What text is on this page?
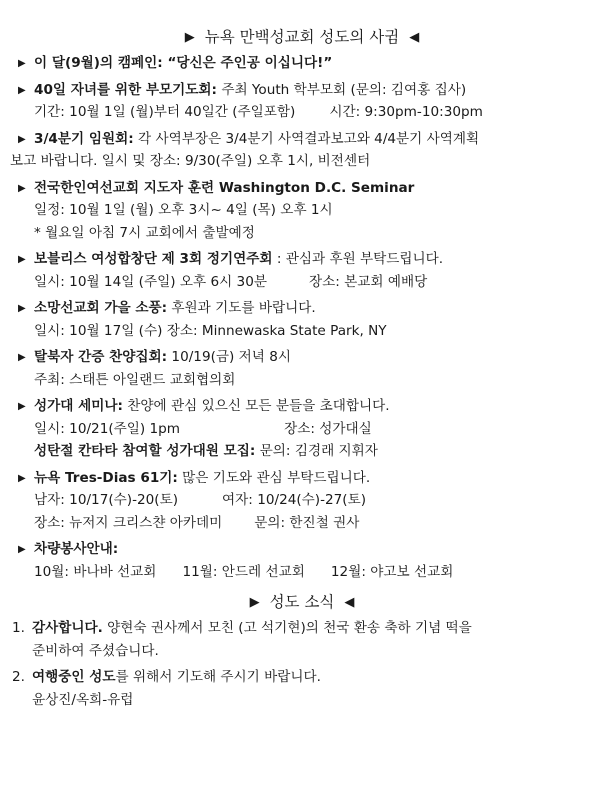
▶ 뉴욕 만백성교회 성도의 사귐 ◀
▶ 이 달(9월)의 캠페인: “당신은 주인공 이십니다!”
▶ 40일 자녀를 위한 부모기도회: 주최 Youth 학부모회 (문의: 김여홍 집사)
기간: 10월 1일 (월)부터 40일간 (주일포함)	시간: 9:30pm-10:30pm
▶ 3/4분기 임원회: 각 사역부장은 3/4분기 사역결과보고와 4/4분기 사역계획
보고 바랍니다. 일시 및 장소: 9/30(주일) 오후 1시, 비전센터
▶ 전국한인여선교회 지도자 훈련 Washington D.C. Seminar
일정: 10월 1일 (월) 오후 3시~ 4일 (목) 오후 1시
* 월요일 아침 7시 교회에서 출발예정
▶ 보블리스 여성합창단 제 3회 정기연주회 : 관심과 후원 부탁드립니다.
일시: 10월 14일 (주일) 오후 6시 30분	장소: 본교회 예배당
▶ 소망선교회 가을 소풍: 후원과 기도를 바랍니다.
일시: 10월 17일 (수) 장소: Minnewaska State Park, NY
▶ 탈북자 간증 찬양집회: 10/19(금) 저녁 8시
주최: 스태튼 아일랜드 교회협의회
▶ 성가대 세미나: 찬양에 관심 있으신 모든 분들을 초대합니다.
일시: 10/21(주일) 1pm	장소: 성가대실
성탄절 칸타타 참여할 성가대원 모집: 문의: 김경래 지휘자
▶ 뉴욕 Tres-Dias 61기: 많은 기도와 관심 부탁드립니다.
남자: 10/17(수)-20(토)	여자: 10/24(수)-27(토)
장소: 뉴저지 크리스챤 아카데미 문의: 한진철 권사
▶ 차량봉사안내:
10월: 바나바 선교회 11월: 안드레 선교회 12월: 야고보 선교회
▶ 성도 소식 ◀
1. 감사합니다. 양현숙 권사께서 모친 (고 석기현)의 천국 환송 축하 기념 떡을
준비하여 주셨습니다.
2. 여행중인 성도를 위해서 기도해 주시기 바랍니다.
윤상진/옥희-유럽
